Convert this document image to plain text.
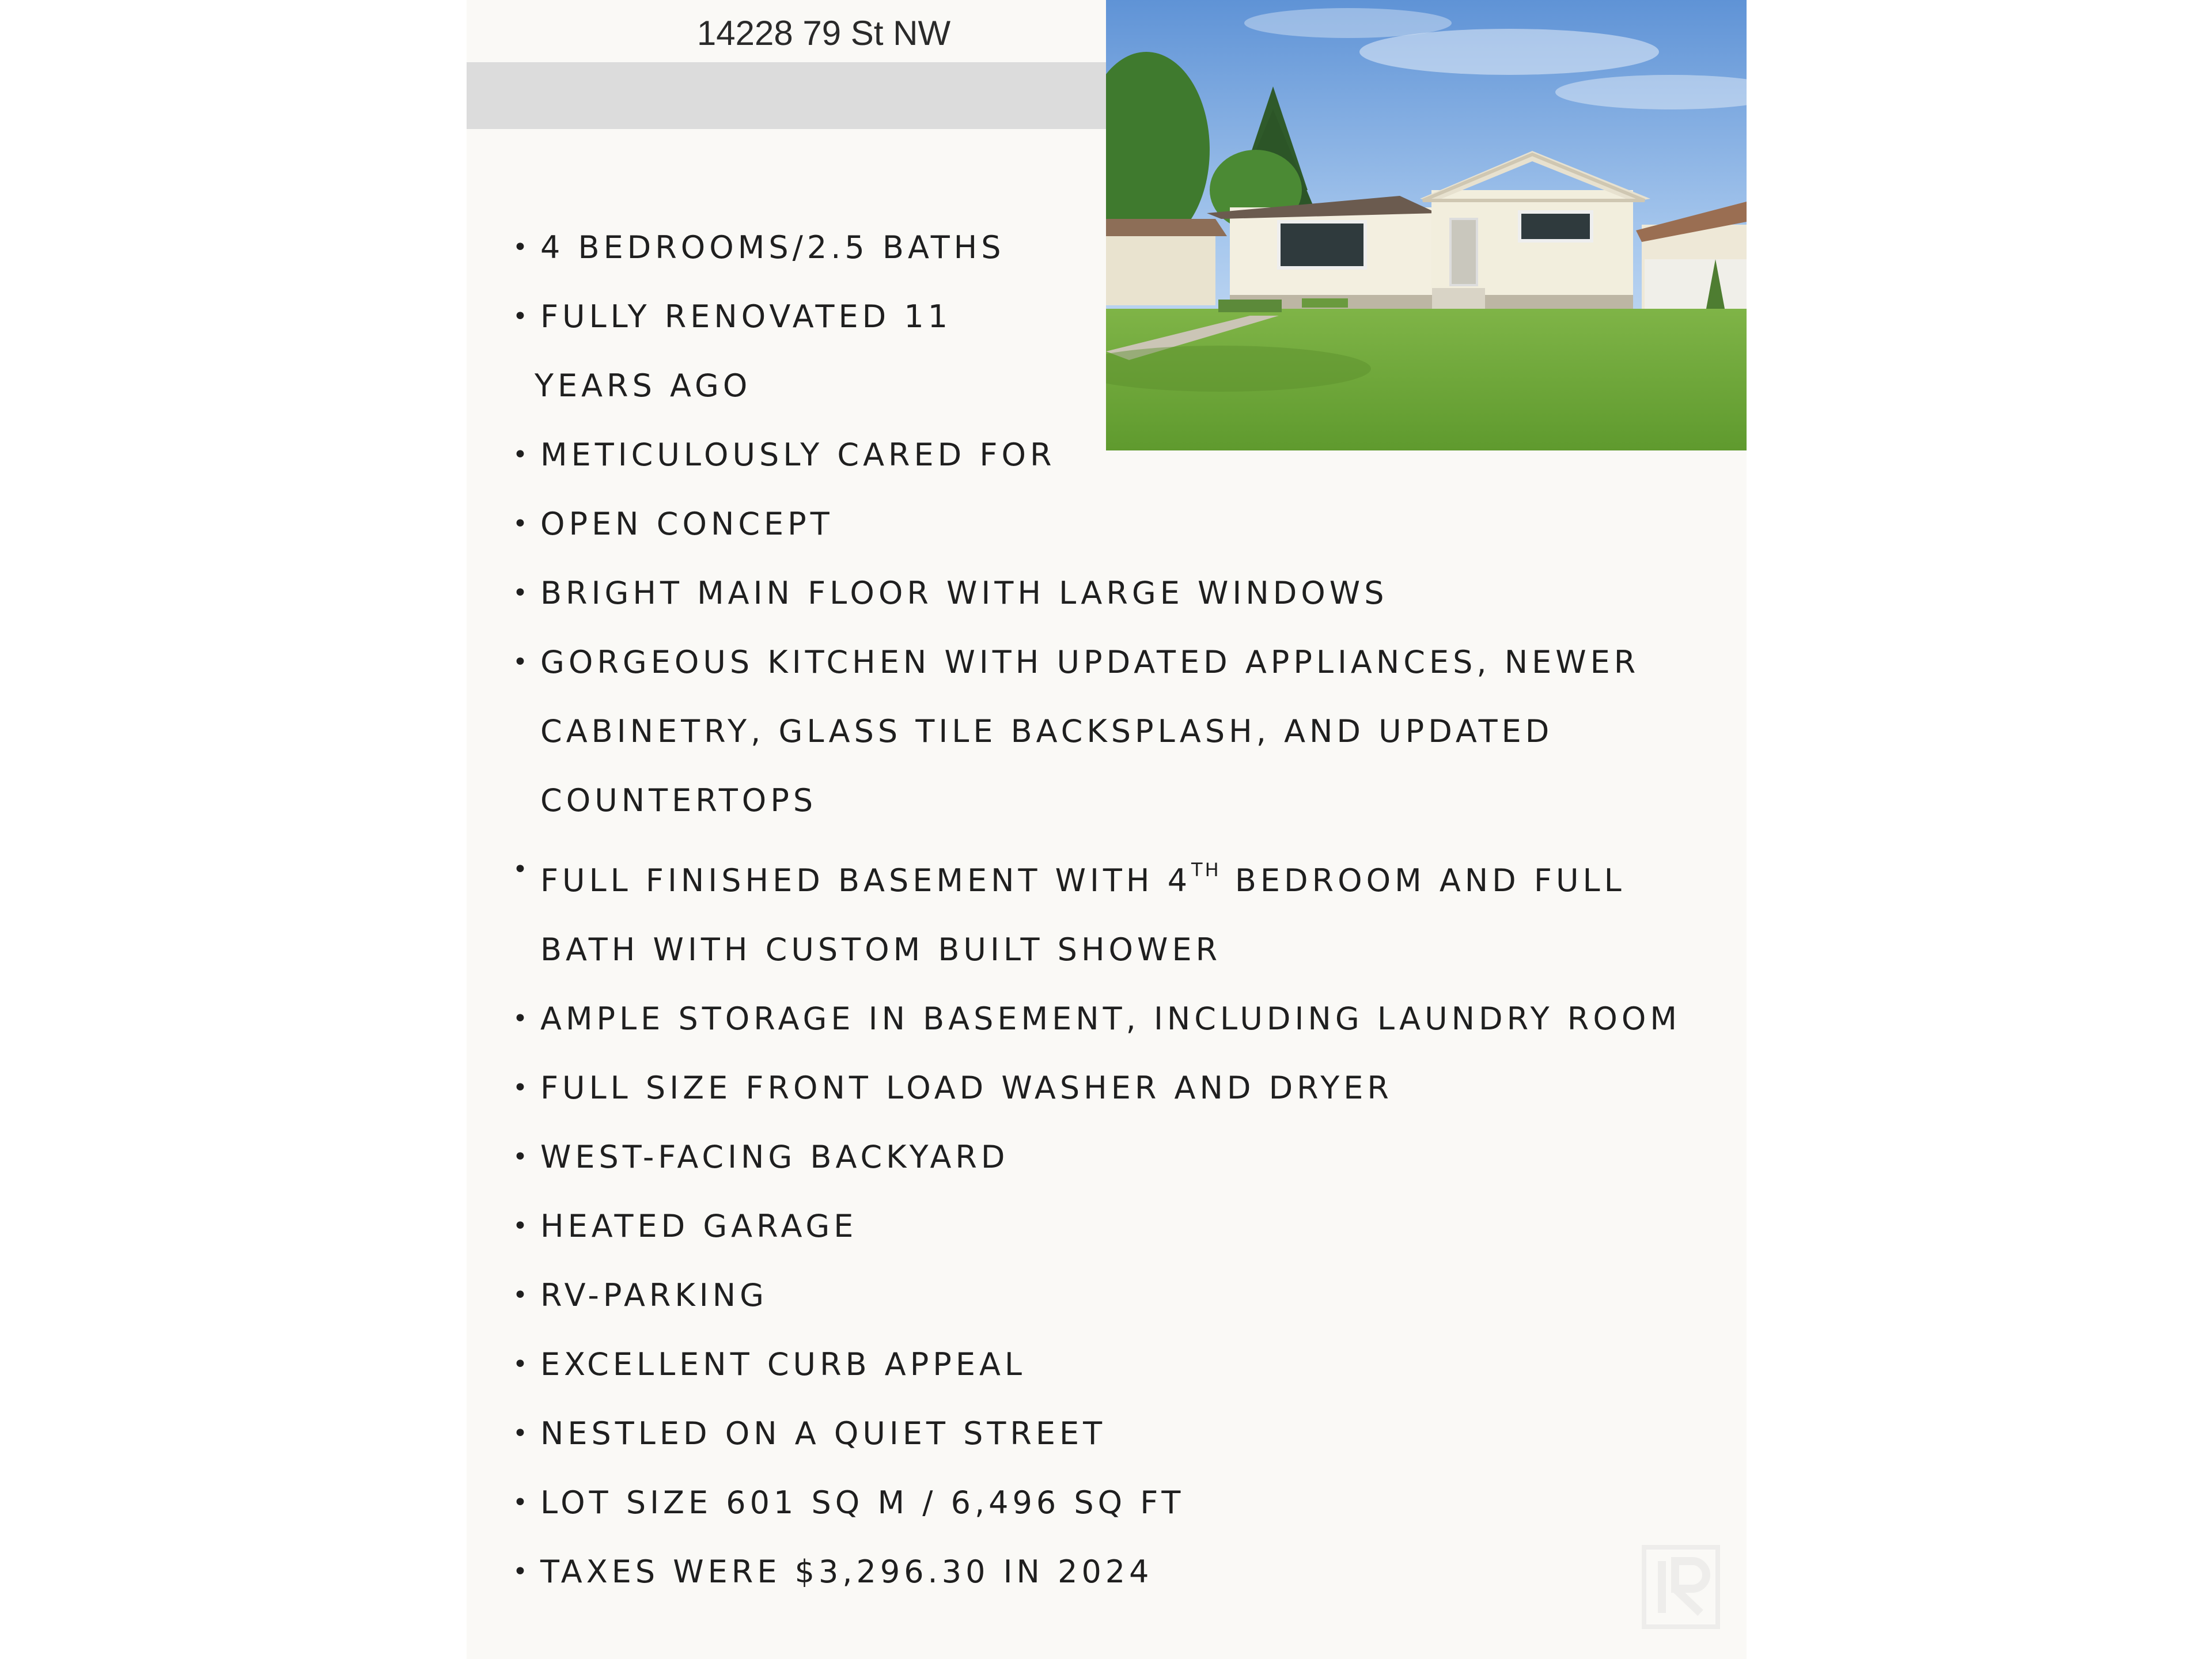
14228 79 St NW
• 4 BEDROOMS/2.5 BATHS
• FULLY RENOVATED 11
YEARS AGO
• METICULOUSLY CARED FOR
• OPEN CONCEPT
• BRIGHT MAIN FLOOR WITH LARGE WINDOWS
• GORGEOUS KITCHEN WITH UPDATED APPLIANCES, NEWER
CABINETRY, GLASS TILE BACKSPLASH, AND UPDATED
COUNTERTOPS
• FULL FINISHED BASEMENT WITH 4TH BEDROOM AND FULL
BATH WITH CUSTOM BUILT SHOWER
• AMPLE STORAGE IN BASEMENT, INCLUDING LAUNDRY ROOM
• FULL SIZE FRONT LOAD WASHER AND DRYER
• WEST-FACING BACKYARD
• HEATED GARAGE
• RV-PARKING
• EXCELLENT CURB APPEAL
• NESTLED ON A QUIET STREET
• LOT SIZE 601 SQ M / 6,496 SQ FT
• TAXES WERE $3,296.30 IN 2024
